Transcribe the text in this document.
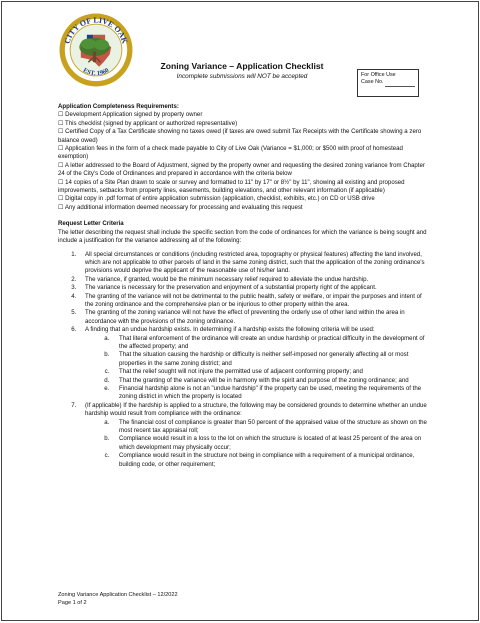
CITY OF LIVE OAK
EST. 1960	Zoning Variance – Application Checklist
Incomplete submissions will NOT be accepted	For Office Use
Case No.
Application Completeness Requirements:

☐ Development Application signed by property owner

☐ This checklist (signed by applicant or authorized representative)

☐ Certified Copy of a Tax Certificate showing no taxes owed (if taxes are owed submit Tax Receipts with the Certificate showing a zero balance owed)

☐ Application fees in the form of a check made payable to City of Live Oak (Variance = $1,000; or $500 with proof of homestead exemption)

☐ A letter addressed to the Board of Adjustment, signed by the property owner and requesting the desired zoning variance from Chapter 24 of the City's Code of Ordinances and prepared in accordance with the criteria below

☐ 14 copies of a Site Plan drawn to scale or survey and formatted to 11" by 17" or 8½" by 11", showing all existing and proposed improvements, setbacks from property lines, easements, building elevations, and other relevant information (if applicable)

☐ Digital copy in .pdf format of entire application submission (application, checklist, exhibits, etc.) on CD or USB drive

☐ Any additional information deemed necessary for processing and evaluating this request

Request Letter Criteria

The letter describing the request shall include the specific section from the code of ordinances for which the variance is being sought and include a justification for the variance addressing all of the following:

1. All special circumstances or conditions (including restricted area, topography or physical features) affecting the land involved, which are not applicable to other parcels of land in the same zoning district, such that the application of the zoning ordinance's provisions would deprive the applicant of the reasonable use of his/her land.
2. The variance, if granted, would be the minimum necessary relief required to alleviate the undue hardship.
3. The variance is necessary for the preservation and enjoyment of a substantial property right of the applicant.
4. The granting of the variance will not be detrimental to the public health, safety or welfare, or impair the purposes and intent of the zoning ordinance and the comprehensive plan or be injurious to other property within the area.
5. The granting of the zoning variance will not have the effect of preventing the orderly use of other land within the area in accordance with the provisions of the zoning ordinance.
6. A finding that an undue hardship exists. In determining if a hardship exists the following criteria will be used:
a. That literal enforcement of the ordinance will create an undue hardship or practical difficulty in the development of the affected property; and
b. That the situation causing the hardship or difficulty is neither self-imposed nor generally affecting all or most properties in the same zoning district; and
c. That the relief sought will not injure the permitted use of adjacent conforming property; and
d. That the granting of the variance will be in harmony with the spirit and purpose of the zoning ordinance; and
e. Financial hardship alone is not an "undue hardship" if the property can be used, meeting the requirements of the zoning district in which the property is located
7. (If applicable) If the hardship is applied to a structure, the following may be considered grounds to determine whether an undue hardship would result from compliance with the ordinance:
a. The financial cost of compliance is greater than 50 percent of the appraised value of the structure as shown on the most recent tax appraisal roll;
b. Compliance would result in a loss to the lot on which the structure is located of at least 25 percent of the area on which development may physically occur;
c. Compliance would result in the structure not being in compliance with a requirement of a municipal ordinance, building code, or other requirement;
Zoning Variance Application Checklist – 12/2022
Page 1 of 2
